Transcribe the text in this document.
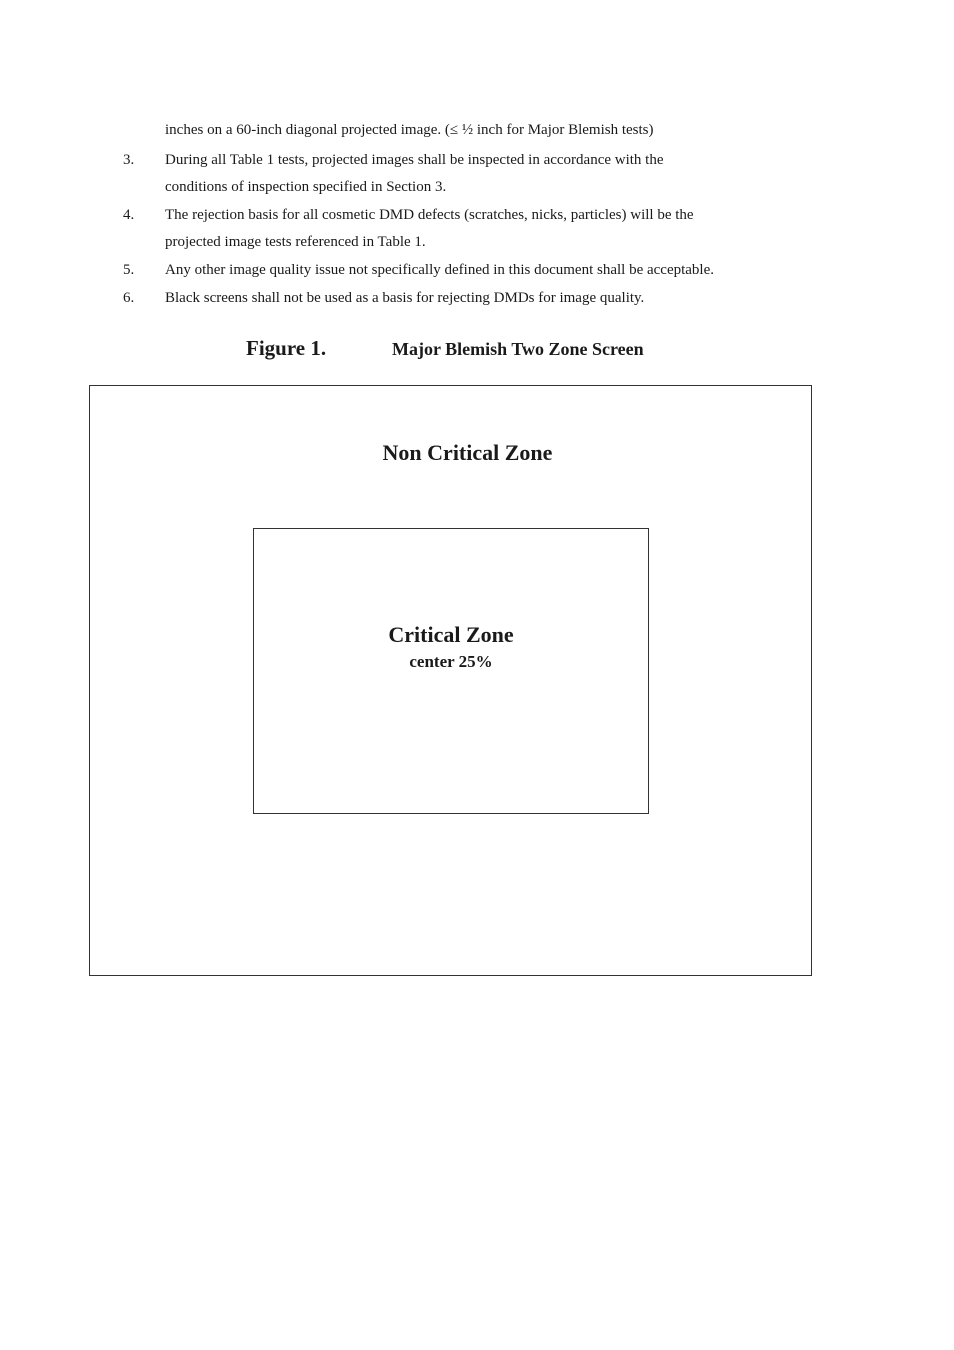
inches on a 60-inch diagonal projected image. (≤ ½ inch for Major Blemish tests)
3. During all Table 1 tests, projected images shall be inspected in accordance with the
conditions of inspection specified in Section 3.
4. The rejection basis for all cosmetic DMD defects (scratches, nicks, particles) will be the
projected image tests referenced in Table 1.
5. Any other image quality issue not specifically defined in this document shall be acceptable.
6. Black screens shall not be used as a basis for rejecting DMDs for image quality.
Figure 1.	Major Blemish Two Zone Screen
Non Critical Zone
Critical Zone
center 25%
